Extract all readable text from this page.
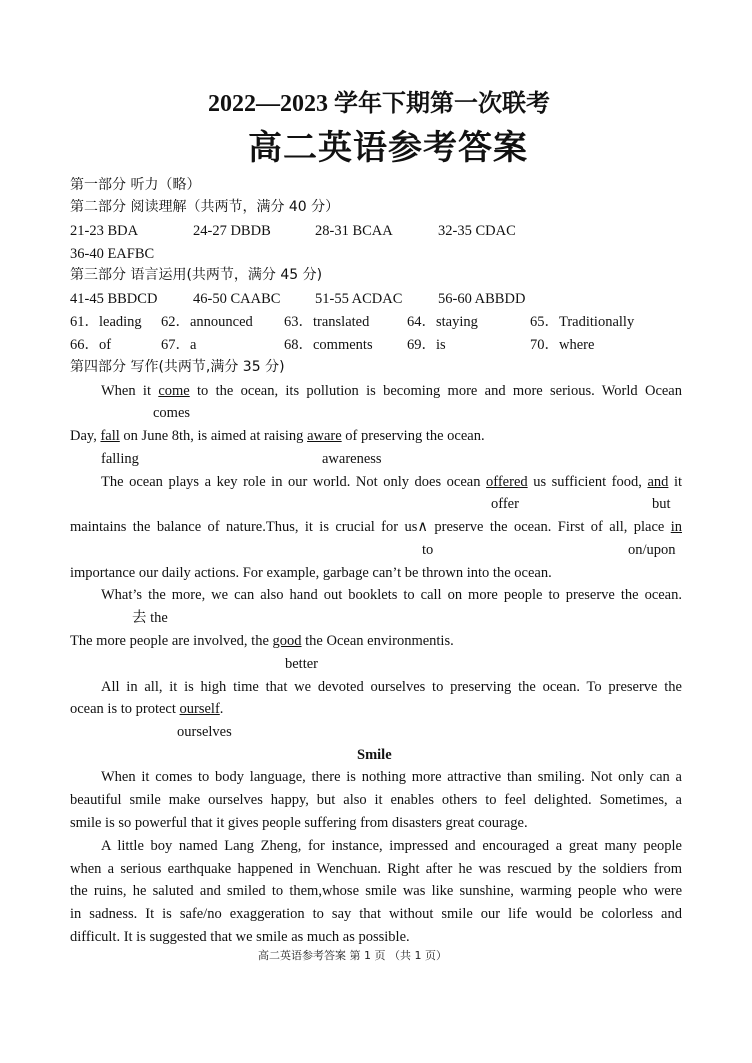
2022—2023 学年下期第一次联考
高二英语参考答案
第一部分 听力（略）
第二部分 阅读理解（共两节，满分 40 分）
21-23 BDA	24-27 DBDB	28-31 BCAA	32-35 CDAC
36-40 EAFBC
第三部分 语言运用(共两节，满分 45 分)
41-45 BBDCD 46-50 CAABC 51-55 ACDAC 56-60 ABBDD
61．leading 62．announced 63．translated	64．staying	65．Traditionally
66．of	67．a	68．comments 69．is	70．where
第四部分 写作(共两节,满分 35 分)
When it come to the ocean, its pollution is becoming more and more serious. World Ocean
comes
Day, fall on June 8th, is aimed at raising aware of preserving the ocean.
falling	awareness
The ocean plays a key role in our world. Not only does ocean offered us sufficient food, and it
offer	but
maintains the balance of nature.Thus, it is crucial for us∧ preserve the ocean. First of all, place in
to	on/upon
importance our daily actions. For example, garbage can’t be thrown into the ocean.
What’s the more, we can also hand out booklets to call on more people to preserve the ocean.
去 the
The more people are involved, the good the Ocean environmentis.
better
All in all, it is high time that we devoted ourselves to preserving the ocean. To preserve the
ocean is to protect ourself.
ourselves
Smile
When it comes to body language, there is nothing more attractive than smiling. Not only can a
beautiful smile make ourselves happy, but also it enables others to feel delighted. Sometimes, a
smile is so powerful that it gives people suffering from disasters great courage.
A little boy named Lang Zheng, for instance, impressed and encouraged a great many people
when a serious earthquake happened in Wenchuan. Right after he was rescued by the soldiers from
the ruins, he saluted and smiled to them,whose smile was like sunshine, warming people who were
in sadness. It is safe/no exaggeration to say that without smile our life would be colorless and
difficult. It is suggested that we smile as much as possible.
高二英语参考答案 第 1 页 （共 1 页）
